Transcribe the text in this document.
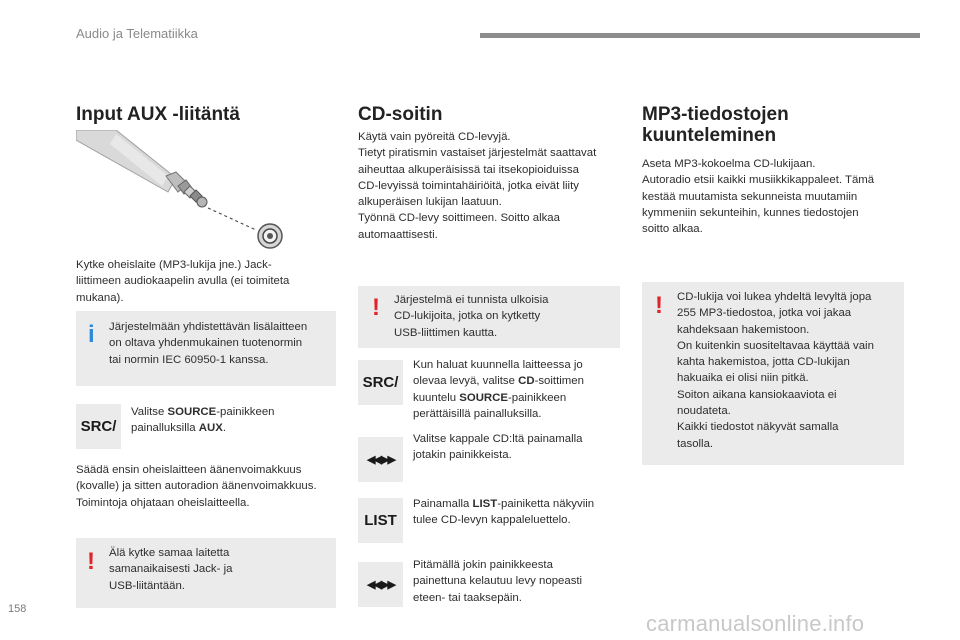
Audio ja Telematiikka
Input AUX -liitäntä
Kytke oheislaite (MP3-lukija jne.) Jack-
liittimeen audiokaapelin avulla (ei toimiteta
mukana).
i Järjestelmään yhdistettävän lisälaitteen
on oltava yhdenmukainen tuotenormin
tai normin IEC 60950-1 kanssa.
SRC/
Valitse SOURCE-painikkeen
painalluksilla AUX.
Säädä ensin oheislaitteen äänenvoimakkuus
(kovalle) ja sitten autoradion äänenvoimakkuus.
Toimintoja ohjataan oheislaitteella.
! Älä kytke samaa laitetta
samanaikaisesti Jack- ja
USB-liitäntään.
CD-soitin
Käytä vain pyöreitä CD-levyjä.
Tietyt piratismin vastaiset järjestelmät saattavat
aiheuttaa alkuperäisissä tai itsekopioiduissa
CD-levyissä toimintahäiriöitä, jotka eivät liity
alkuperäisen lukijan laatuun.
Työnnä CD-levy soittimeen. Soitto alkaa
automaattisesti.
! Järjestelmä ei tunnista ulkoisia
CD-lukijoita, jotka on kytketty
USB-liittimen kautta.
SRC/
Kun haluat kuunnella laitteessa jo
olevaa levyä, valitse CD-soittimen
kuuntelu SOURCE-painikkeen
perättäisillä painalluksilla.
◀◀ ▶▶
Valitse kappale CD:ltä painamalla
jotakin painikkeista.
LIST
Painamalla LIST-painiketta näkyviin
tulee CD-levyn kappaleluettelo.
◀◀ ▶▶
Pitämällä jokin painikkeesta
painettuna kelautuu levy nopeasti
eteen- tai taaksepäin.
MP3-tiedostojen
kuunteleminen
Aseta MP3-kokoelma CD-lukijaan.
Autoradio etsii kaikki musiikkikappaleet. Tämä
kestää muutamista sekunneista muutamiin
kymmeniin sekunteihin, kunnes tiedostojen
soitto alkaa.
! CD-lukija voi lukea yhdeltä levyltä jopa
255 MP3-tiedostoa, jotka voi jakaa
kahdeksaan hakemistoon.
On kuitenkin suositeltavaa käyttää vain
kahta hakemistoa, jotta CD-lukijan
hakuaika ei olisi niin pitkä.
Soiton aikana kansiokaaviota ei
noudateta.
Kaikki tiedostot näkyvät samalla
tasolla.
158
carmanualsonline.info
